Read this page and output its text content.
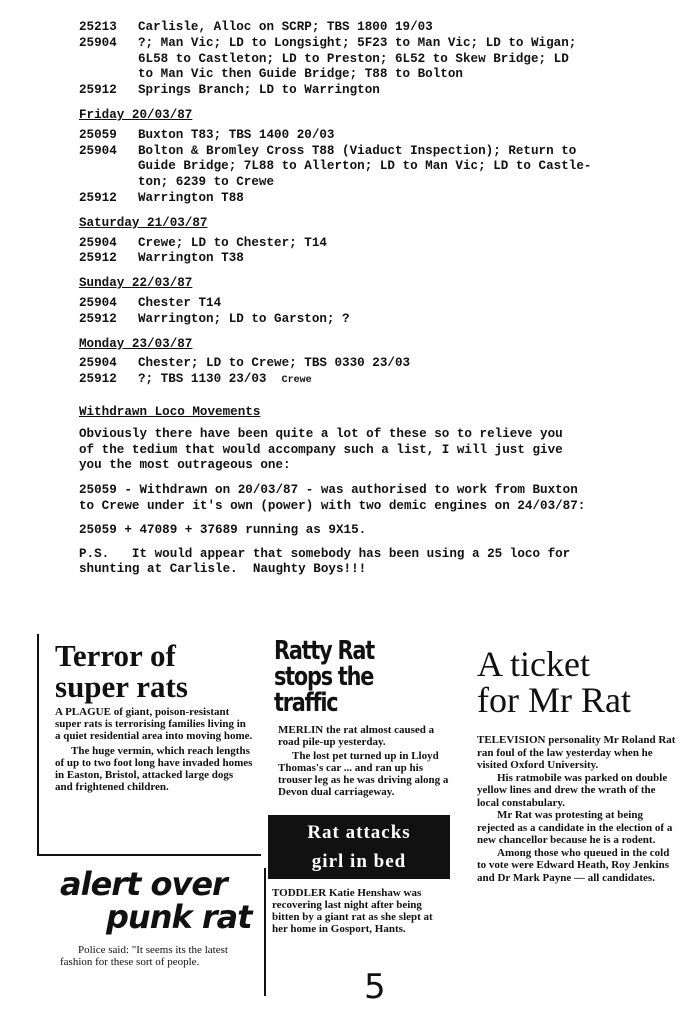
25213	Carlisle, Alloc on SCRP; TBS 1800 19/03
25904	?; Man Vic; LD to Longsight; 5F23 to Man Vic; LD to Wigan;
6L58 to Castleton; LD to Preston; 6L52 to Skew Bridge; LD
to Man Vic then Guide Bridge; T88 to Bolton
25912	Springs Branch; LD to Warrington
Friday 20/03/87
25059	Buxton T83; TBS 1400 20/03
25904	Bolton & Bromley Cross T88 (Viaduct Inspection); Return to
Guide Bridge; 7L88 to Allerton; LD to Man Vic; LD to Castle-
ton; 6239 to Crewe
25912	Warrington T88
Saturday 21/03/87
25904	Crewe; LD to Chester; T14
25912	Warrington T38
Sunday 22/03/87
25904	Chester T14
25912	Warrington; LD to Garston; ?
Monday 23/03/87
25904	Chester; LD to Crewe; TBS 0330 23/03
25912	?; TBS 1130 23/03 Crewe
Withdrawn Loco Movements
Obviously there have been quite a lot of these so to relieve you
of the tedium that would accompany such a list, I will just give
you the most outrageous one:
25059 - Withdrawn on 20/03/87 - was authorised to work from Buxton
to Crewe under it's own (power) with two demic engines on 24/03/87:
25059 + 47089 + 37689 running as 9X15.
P.S.   It would appear that somebody has been using a 25 loco for
shunting at Carlisle.  Naughty Boys!!!
Terror of
super rats
A PLAGUE of giant, poison-resistant super rats is terrorising families living in a quiet residential area into moving home.
The huge vermin, which reach lengths of up to two foot long have invaded homes in Easton, Bristol, attacked large dogs and frightened children.
Ratty Rat
stops the traffic
MERLIN the rat almost caused a road pile-up yesterday.
The lost pet turned up in Lloyd Thomas's car ... and ran up his trouser leg as he was driving along a Devon dual carriageway.
A ticket
for Mr Rat

TELEVISION personality Mr Roland Rat ran foul of the law yesterday when he visited Oxford University.

His ratmobile was parked on double yellow lines and drew the wrath of the local constabulary.

Mr Rat was protesting at being rejected as a candidate in the election of a new chancellor because he is a rodent.

Among those who queued in the cold to vote were Edward Heath, Roy Jenkins and Dr Mark Payne — all candidates.

Rat attacks
girl in bed
TODDLER Katie Henshaw was recovering last night after being bitten by a giant rat as she slept at her home in Gosport, Hants.
alert over
punk rat
Police said: "It seems its the latest fashion for these sort of people.
5
